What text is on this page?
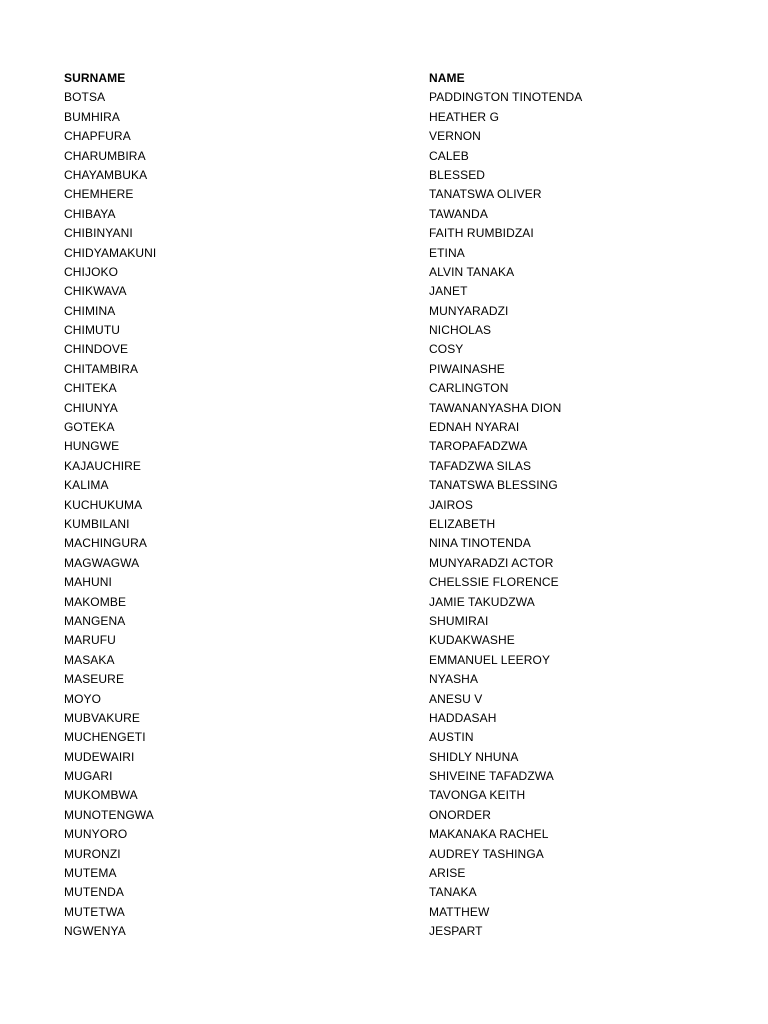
SURNAME	NAME
BOTSA	PADDINGTON TINOTENDA
BUMHIRA	HEATHER G
CHAPFURA	VERNON
CHARUMBIRA	CALEB
CHAYAMBUKA	BLESSED
CHEMHERE	TANATSWA OLIVER
CHIBAYA	TAWANDA
CHIBINYANI	FAITH RUMBIDZAI
CHIDYAMAKUNI	ETINA
CHIJOKO	ALVIN TANAKA
CHIKWAVA	JANET
CHIMINA	MUNYARADZI
CHIMUTU	NICHOLAS
CHINDOVE	COSY
CHITAMBIRA	PIWAINASHE
CHITEKA	CARLINGTON
CHIUNYA	TAWANANYASHA DION
GOTEKA	EDNAH NYARAI
HUNGWE	TAROPAFADZWA
KAJAUCHIRE	TAFADZWA SILAS
KALIMA	TANATSWA BLESSING
KUCHUKUMA	JAIROS
KUMBILANI	ELIZABETH
MACHINGURA	NINA TINOTENDA
MAGWAGWA	MUNYARADZI ACTOR
MAHUNI	CHELSSIE FLORENCE
MAKOMBE	JAMIE TAKUDZWA
MANGENA	SHUMIRAI
MARUFU	KUDAKWASHE
MASAKA	EMMANUEL LEEROY
MASEURE	NYASHA
MOYO	ANESU V
MUBVAKURE	HADDASAH
MUCHENGETI	AUSTIN
MUDEWAIRI	SHIDLY NHUNA
MUGARI	SHIVEINE TAFADZWA
MUKOMBWA	TAVONGA KEITH
MUNOTENGWA	ONORDER
MUNYORO	MAKANAKA RACHEL
MURONZI	AUDREY TASHINGA
MUTEMA	ARISE
MUTENDA	TANAKA
MUTETWA	MATTHEW
NGWENYA	JESPART
